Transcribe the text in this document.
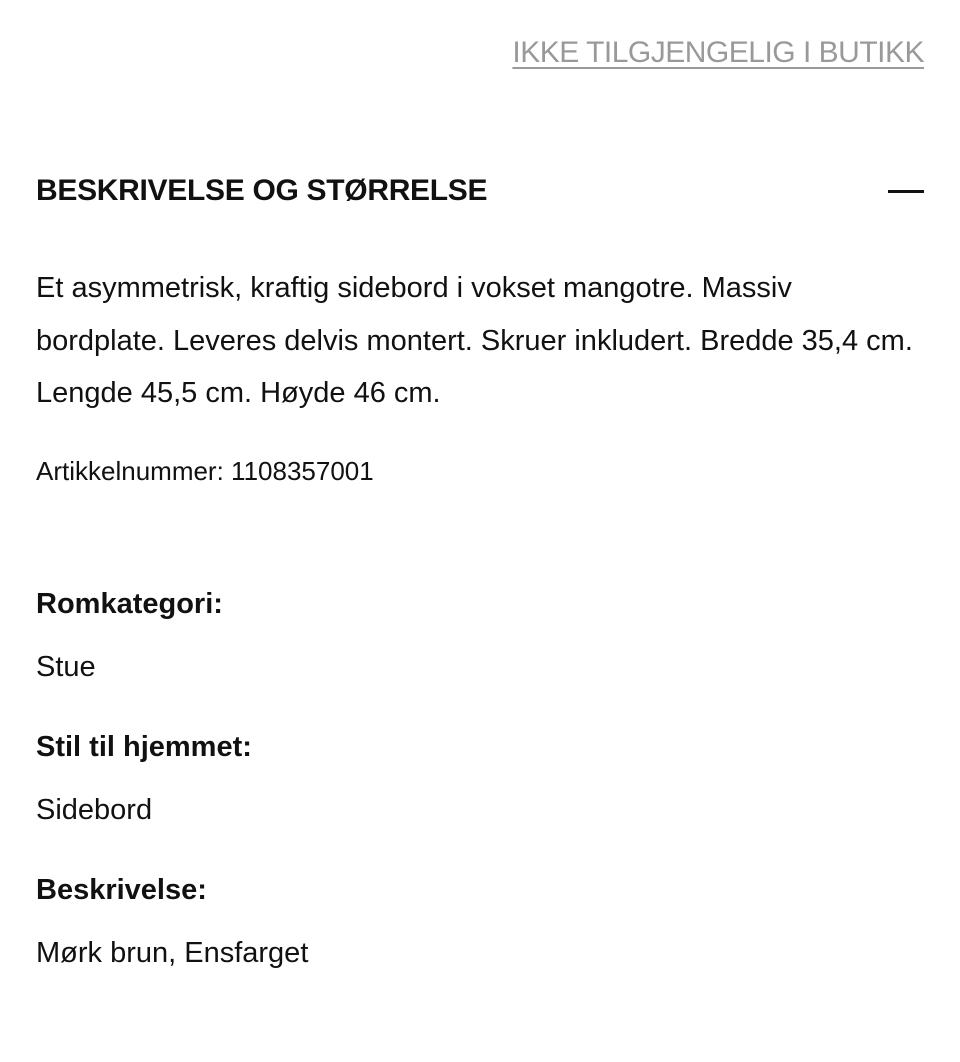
IKKE TILGJENGELIG I BUTIKK
BESKRIVELSE OG STØRRELSE
Et asymmetrisk, kraftig sidebord i vokset mangotre. Massiv bordplate. Leveres delvis montert. Skruer inkludert. Bredde 35,4 cm. Lengde 45,5 cm. Høyde 46 cm.
Artikkelnummer: 1108357001
Romkategori:
Stue
Stil til hjemmet:
Sidebord
Beskrivelse:
Mørk brun, Ensfarget
